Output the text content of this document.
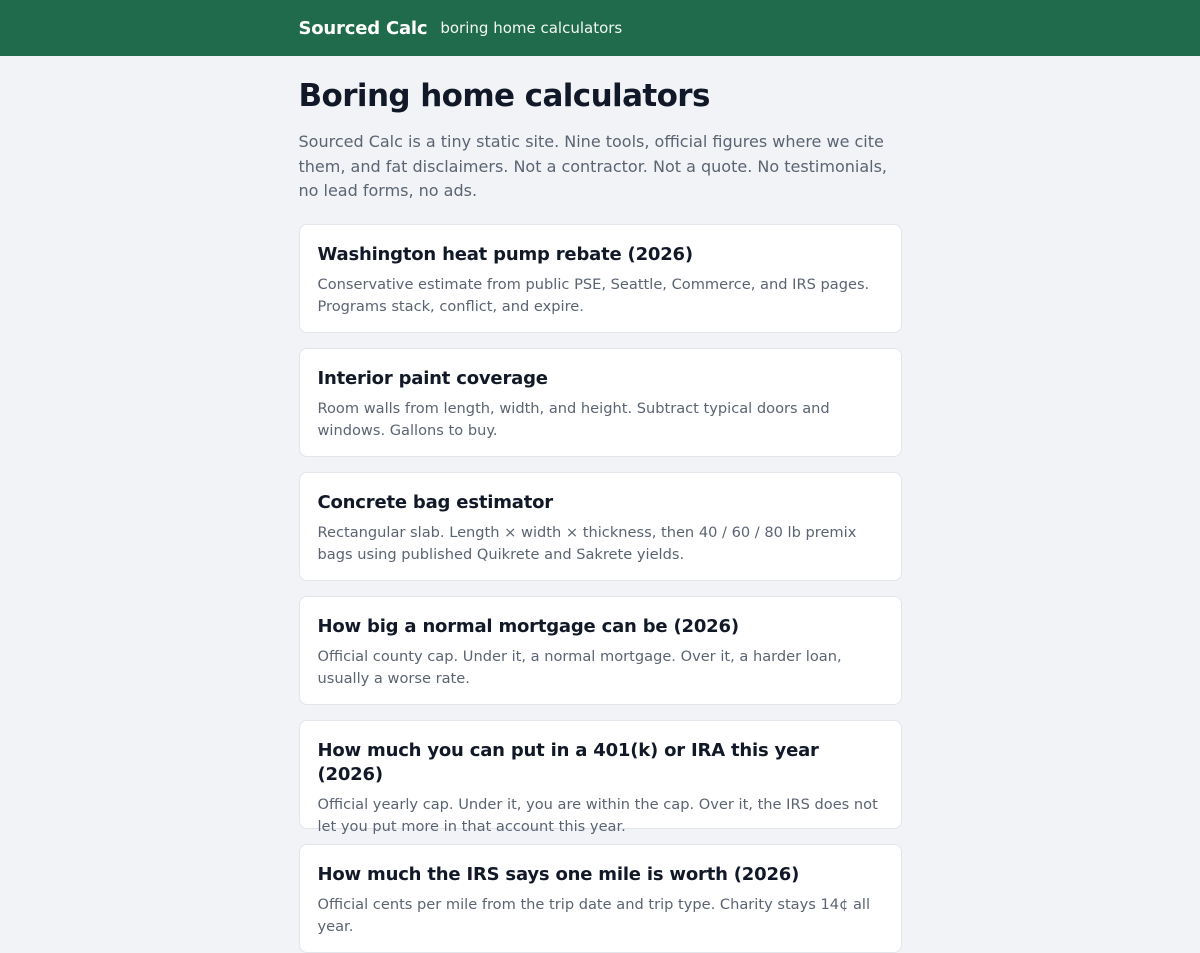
Sourced Calc boring home calculators
Boring home calculators

Sourced Calc is a tiny static site. Nine tools, official figures where we cite them, and fat disclaimers. Not a contractor. Not a quote. No testimonials, no lead forms, no ads.

Washington heat pump rebate (2026)
Conservative estimate from public PSE, Seattle, Commerce, and IRS pages. Programs stack, conflict, and expire.
Interior paint coverage
Room walls from length, width, and height. Subtract typical doors and windows. Gallons to buy.
Concrete bag estimator
Rectangular slab. Length × width × thickness, then 40 / 60 / 80 lb premix bags using published Quikrete and Sakrete yields.
How big a normal mortgage can be (2026)
Official county cap. Under it, a normal mortgage. Over it, a harder loan, usually a worse rate.
How much you can put in a 401(k) or IRA this year (2026)
Official yearly cap. Under it, you are within the cap. Over it, the IRS does not let you put more in that account this year.
How much the IRS says one mile is worth (2026)
Official cents per mile from the trip date and trip type. Charity stays 14¢ all year.
